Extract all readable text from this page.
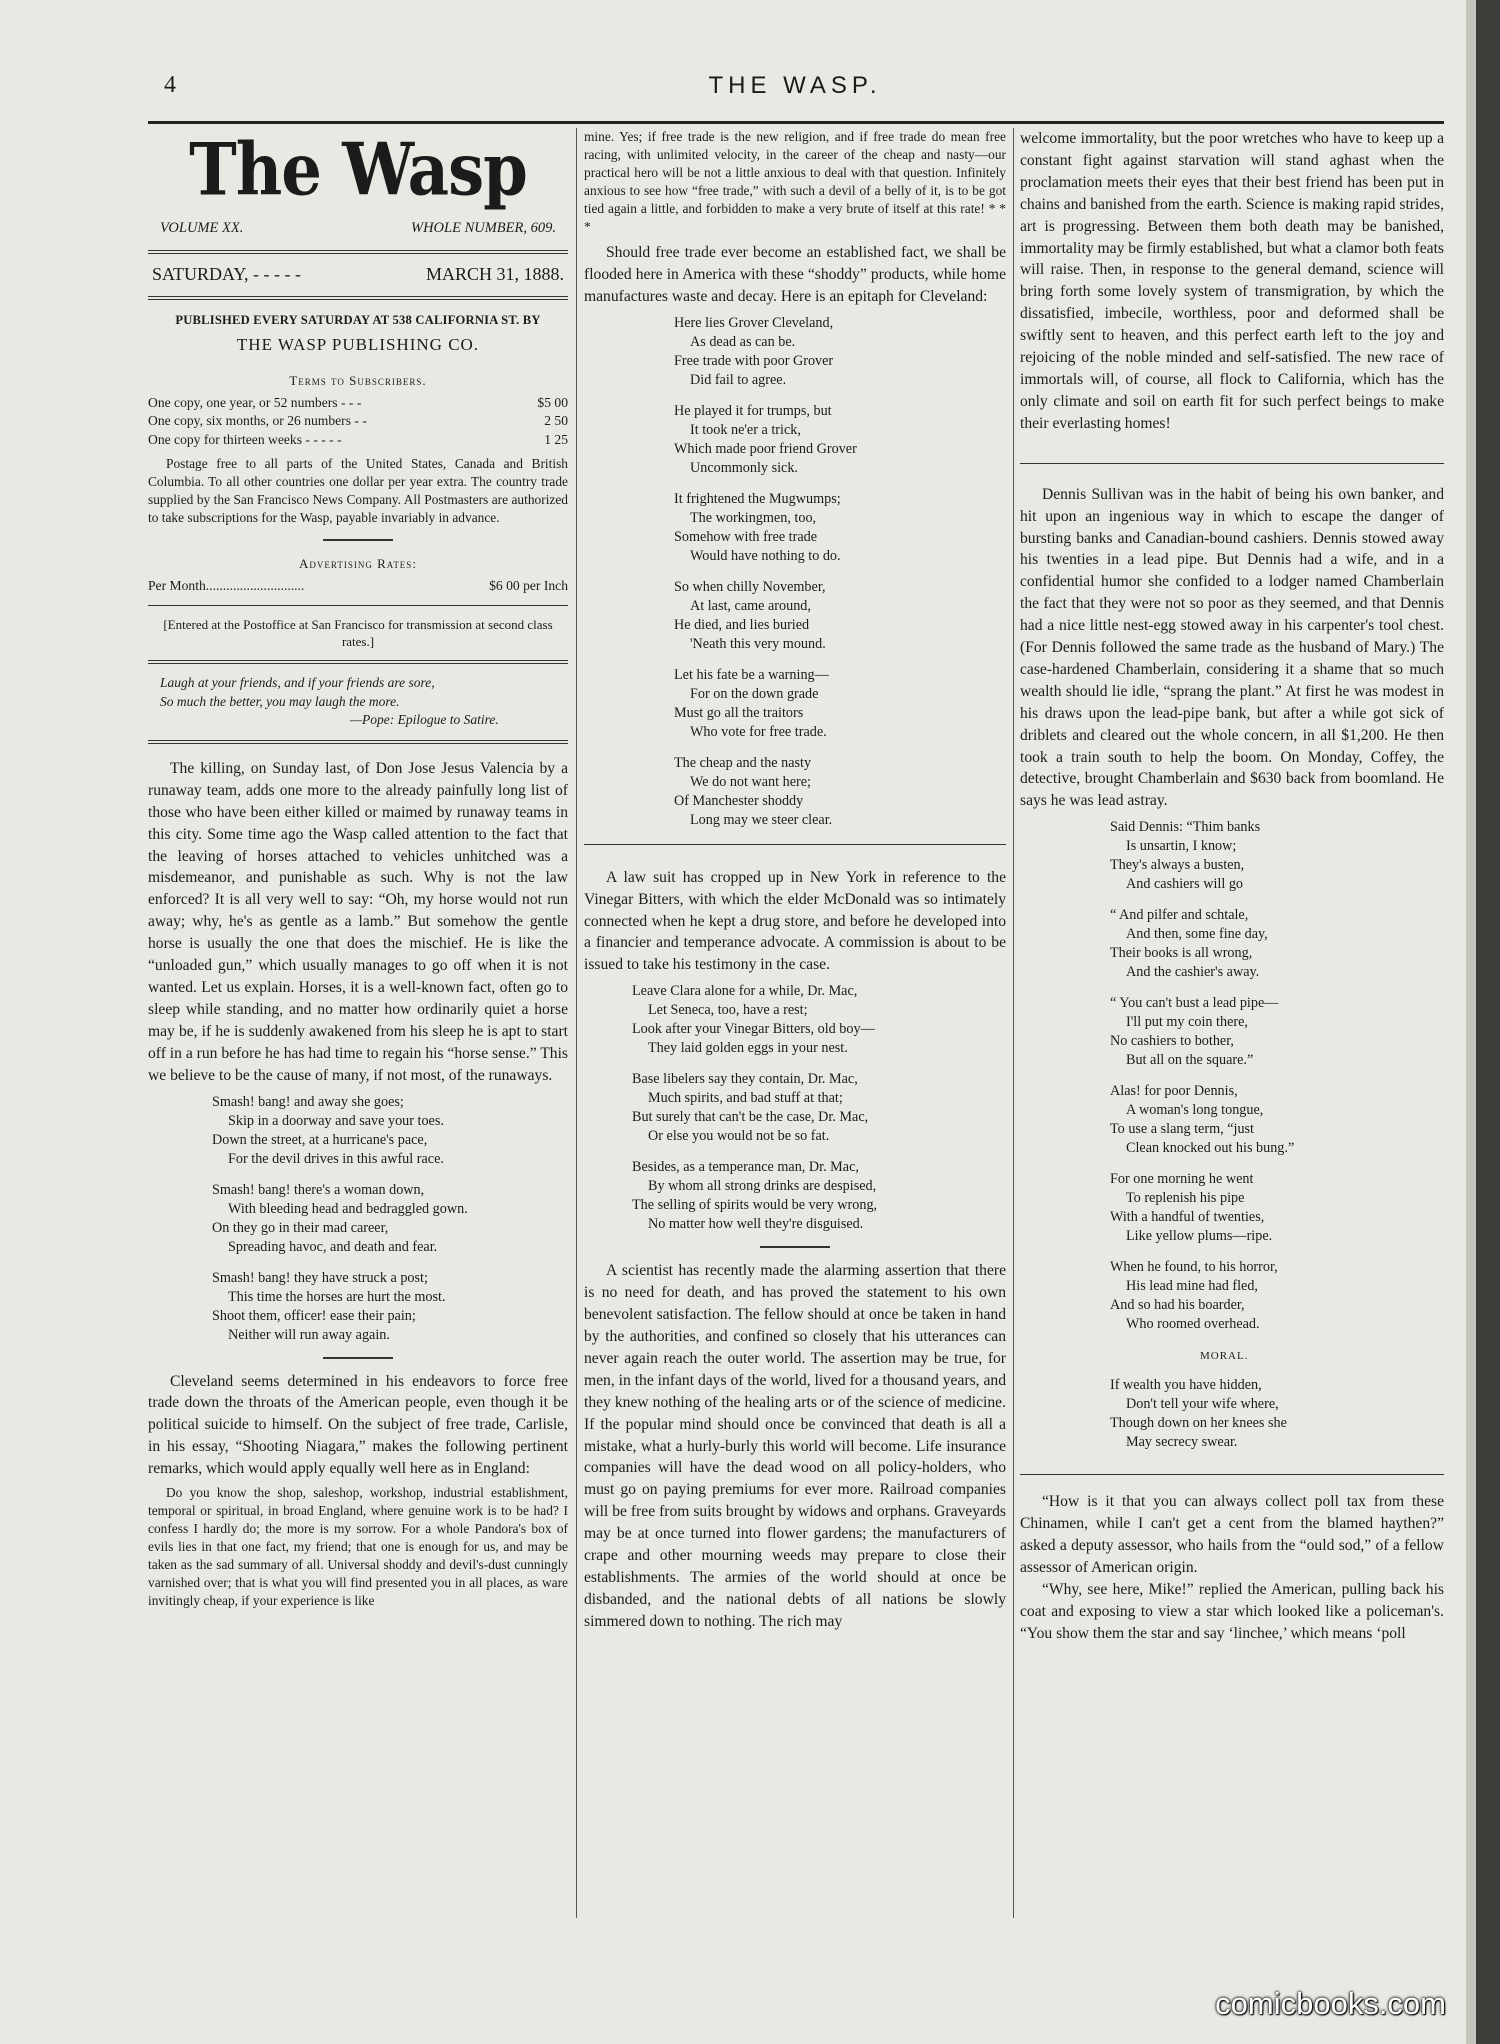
4	THE WASP.
The Wasp
VOLUME XX.	WHOLE NUMBER, 609.
SATURDAY, - - - - -	MARCH 31, 1888.
PUBLISHED EVERY SATURDAY AT 538 CALIFORNIA ST. BY
THE WASP PUBLISHING CO.
Terms to Subscribers.
One copy, one year, or 52 numbers - - -	$5 00
One copy, six months, or 26 numbers - -	2 50
One copy for thirteen weeks - - - - -	1 25

Postage free to all parts of the United States, Canada and British Columbia. To all other countries one dollar per year extra. The country trade supplied by the San Francisco News Company. All Postmasters are authorized to take subscriptions for the Wasp, payable invariably in advance.

Advertising Rates:
Per Month.............................	$6 00 per Inch
[Entered at the Postoffice at San Francisco for transmission at second class rates.]
Laugh at your friends, and if your friends are sore,
So much the better, you may laugh the more.
—Pope: Epilogue to Satire.

The killing, on Sunday last, of Don Jose Jesus Valencia by a runaway team, adds one more to the already painfully long list of those who have been either killed or maimed by runaway teams in this city. Some time ago the Wasp called attention to the fact that the leaving of horses attached to vehicles unhitched was a misdemeanor, and punishable as such. Why is not the law enforced? It is all very well to say: “Oh, my horse would not run away; why, he's as gentle as a lamb.” But somehow the gentle horse is usually the one that does the mischief. He is like the “unloaded gun,” which usually manages to go off when it is not wanted. Let us explain. Horses, it is a well-known fact, often go to sleep while standing, and no matter how ordinarily quiet a horse may be, if he is suddenly awakened from his sleep he is apt to start off in a run before he has had time to regain his “horse sense.” This we believe to be the cause of many, if not most, of the runaways.

Smash! bang! and away she goes;
Skip in a doorway and save your toes.
Down the street, at a hurricane's pace,
For the devil drives in this awful race.
Smash! bang! there's a woman down,
With bleeding head and bedraggled gown.
On they go in their mad career,
Spreading havoc, and death and fear.
Smash! bang! they have struck a post;
This time the horses are hurt the most.
Shoot them, officer! ease their pain;
Neither will run away again.

Cleveland seems determined in his endeavors to force free trade down the throats of the American people, even though it be political suicide to himself. On the subject of free trade, Carlisle, in his essay, “Shooting Niagara,” makes the following pertinent remarks, which would apply equally well here as in England:

Do you know the shop, saleshop, workshop, industrial establishment, temporal or spiritual, in broad England, where genuine work is to be had? I confess I hardly do; the more is my sorrow. For a whole Pandora's box of evils lies in that one fact, my friend; that one is enough for us, and may be taken as the sad summary of all. Universal shoddy and devil's-dust cunningly varnished over; that is what you will find presented you in all places, as ware invitingly cheap, if your experience is like

mine. Yes; if free trade is the new religion, and if free trade do mean free racing, with unlimited velocity, in the career of the cheap and nasty—our practical hero will be not a little anxious to deal with that question. Infinitely anxious to see how “free trade,” with such a devil of a belly of it, is to be got tied again a little, and forbidden to make a very brute of itself at this rate! * * *

Should free trade ever become an established fact, we shall be flooded here in America with these “shoddy” products, while home manufactures waste and decay. Here is an epitaph for Cleveland:

Here lies Grover Cleveland,
As dead as can be.
Free trade with poor Grover
Did fail to agree.
He played it for trumps, but
It took ne'er a trick,
Which made poor friend Grover
Uncommonly sick.
It frightened the Mugwumps;
The workingmen, too,
Somehow with free trade
Would have nothing to do.
So when chilly November,
At last, came around,
He died, and lies buried
'Neath this very mound.
Let his fate be a warning—
For on the down grade
Must go all the traitors
Who vote for free trade.
The cheap and the nasty
We do not want here;
Of Manchester shoddy
Long may we steer clear.

A law suit has cropped up in New York in reference to the Vinegar Bitters, with which the elder McDonald was so intimately connected when he kept a drug store, and before he developed into a financier and temperance advocate. A commission is about to be issued to take his testimony in the case.

Leave Clara alone for a while, Dr. Mac,
Let Seneca, too, have a rest;
Look after your Vinegar Bitters, old boy—
They laid golden eggs in your nest.
Base libelers say they contain, Dr. Mac,
Much spirits, and bad stuff at that;
But surely that can't be the case, Dr. Mac,
Or else you would not be so fat.
Besides, as a temperance man, Dr. Mac,
By whom all strong drinks are despised,
The selling of spirits would be very wrong,
No matter how well they're disguised.

A scientist has recently made the alarming assertion that there is no need for death, and has proved the statement to his own benevolent satisfaction. The fellow should at once be taken in hand by the authorities, and confined so closely that his utterances can never again reach the outer world. The assertion may be true, for men, in the infant days of the world, lived for a thousand years, and they knew nothing of the healing arts or of the science of medicine. If the popular mind should once be convinced that death is all a mistake, what a hurly-burly this world will become. Life insurance companies will have the dead wood on all policy-holders, who must go on paying premiums for ever more. Railroad companies will be free from suits brought by widows and orphans. Graveyards may be at once turned into flower gardens; the manufacturers of crape and other mourning weeds may prepare to close their establishments. The armies of the world should at once be disbanded, and the national debts of all nations be slowly simmered down to nothing. The rich may

welcome immortality, but the poor wretches who have to keep up a constant fight against starvation will stand aghast when the proclamation meets their eyes that their best friend has been put in chains and banished from the earth. Science is making rapid strides, art is progressing. Between them both death may be banished, immortality may be firmly established, but what a clamor both feats will raise. Then, in response to the general demand, science will bring forth some lovely system of transmigration, by which the dissatisfied, imbecile, worthless, poor and deformed shall be swiftly sent to heaven, and this perfect earth left to the joy and rejoicing of the noble minded and self-satisfied. The new race of immortals will, of course, all flock to California, which has the only climate and soil on earth fit for such perfect beings to make their everlasting homes!

Dennis Sullivan was in the habit of being his own banker, and hit upon an ingenious way in which to escape the danger of bursting banks and Canadian-bound cashiers. Dennis stowed away his twenties in a lead pipe. But Dennis had a wife, and in a confidential humor she confided to a lodger named Chamberlain the fact that they were not so poor as they seemed, and that Dennis had a nice little nest-egg stowed away in his carpenter's tool chest. (For Dennis followed the same trade as the husband of Mary.) The case-hardened Chamberlain, considering it a shame that so much wealth should lie idle, “sprang the plant.” At first he was modest in his draws upon the lead-pipe bank, but after a while got sick of driblets and cleared out the whole concern, in all $1,200. He then took a train south to help the boom. On Monday, Coffey, the detective, brought Chamberlain and $630 back from boomland. He says he was lead astray.

Said Dennis: “Thim banks
Is unsartin, I know;
They's always a busten,
And cashiers will go
“ And pilfer and schtale,
And then, some fine day,
Their books is all wrong,
And the cashier's away.
“ You can't bust a lead pipe—
I'll put my coin there,
No cashiers to bother,
But all on the square.”
Alas! for poor Dennis,
A woman's long tongue,
To use a slang term, “just
Clean knocked out his bung.”
For one morning he went
To replenish his pipe
With a handful of twenties,
Like yellow plums—ripe.
When he found, to his horror,
His lead mine had fled,
And so had his boarder,
Who roomed overhead.
MORAL.
If wealth you have hidden,
Don't tell your wife where,
Though down on her knees she
May secrecy swear.

“How is it that you can always collect poll tax from these Chinamen, while I can't get a cent from the blamed haythen?” asked a deputy assessor, who hails from the “ould sod,” of a fellow assessor of American origin.

“Why, see here, Mike!” replied the American, pulling back his coat and exposing to view a star which looked like a policeman's. “You show them the star and say ‘linchee,’ which means ‘poll

comicbooks.com
